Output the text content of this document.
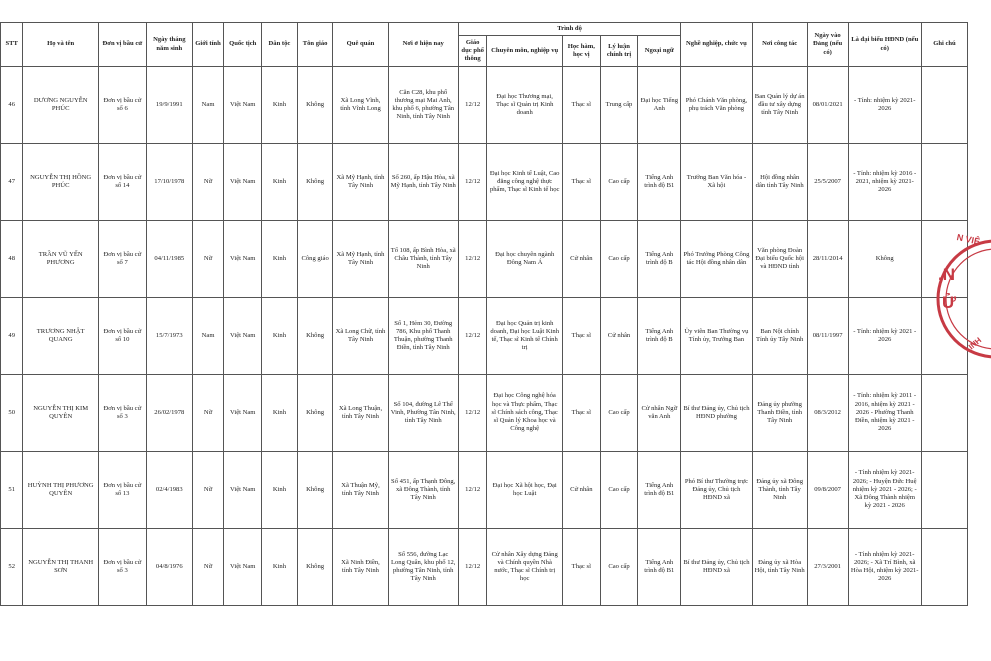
STT	Họ và tên	Đơn vị bầu cử	Ngày tháng năm sinh	Giới tính	Quốc tịch	Dân tộc	Tôn giáo	Quê quán	Nơi ở hiện nay	Trình độ					Nghề nghiệp, chức vụ	Nơi công tác	Ngày vào Đảng (nếu có)	Là đại biểu HĐND (nếu có)	Ghi chú
										Giáo dục phổ thông	Chuyên môn, nghiệp vụ	Học hàm, học vị	Lý luận chính trị	Ngoại ngữ					
46	DƯƠNG NGUYỄN PHÚC	Đơn vị bầu cử số 6	19/9/1991	Nam	Việt Nam	Kinh	Không	Xã Long Vĩnh, tỉnh Vĩnh Long	Căn C28, khu phố thương mại Mai Anh, khu phố 6, phường Tân Ninh, tỉnh Tây Ninh	12/12	Đại học Thương mại, Thạc sĩ Quản trị Kinh doanh	Thạc sĩ	Trung cấp	Đại học Tiếng Anh	Phó Chánh Văn phòng, phụ trách Văn phòng	Ban Quản lý dự án đầu tư xây dựng tỉnh Tây Ninh	08/01/2021	- Tỉnh: nhiệm kỳ 2021-2026	
47	NGUYỄN THỊ HỒNG PHÚC	Đơn vị bầu cử số 14	17/10/1978	Nữ	Việt Nam	Kinh	Không	Xã Mỹ Hạnh, tỉnh Tây Ninh	Số 260, ấp Hậu Hòa, xã Mỹ Hạnh, tỉnh Tây Ninh	12/12	Đại học Kinh tế Luật, Cao đẳng công nghệ thực phẩm, Thạc sĩ Kinh tế học	Thạc sĩ	Cao cấp	Tiếng Anh trình độ B1	Trưởng Ban Văn hóa - Xã hội	Hội đồng nhân dân tỉnh Tây Ninh	25/5/2007	- Tỉnh: nhiệm kỳ 2016 - 2021, nhiệm kỳ 2021-2026	
48	TRẦN VŨ YẾN PHƯƠNG	Đơn vị bầu cử số 7	04/11/1985	Nữ	Việt Nam	Kinh	Công giáo	Xã Mỹ Hạnh, tỉnh Tây Ninh	Tổ 108, ấp Bình Hòa, xã Châu Thành, tỉnh Tây Ninh	12/12	Đại học chuyên ngành Đông Nam Á	Cử nhân	Cao cấp	Tiếng Anh trình độ B	Phó Trưởng Phòng Công tác Hội đồng nhân dân	Văn phòng Đoàn Đại biểu Quốc hội và HĐND tỉnh	28/11/2014	Không	
49	TRƯƠNG NHẬT QUANG	Đơn vị bầu cử số 10	15/7/1973	Nam	Việt Nam	Kinh	Không	Xã Long Chữ, tỉnh Tây Ninh	Số 1, Hẻm 30, Đường 786, Khu phố Thanh Thuận, phường Thanh Điền, tỉnh Tây Ninh	12/12	Đại học Quản trị kinh doanh, Đại học Luật Kinh tế, Thạc sĩ Kinh tế Chính trị	Thạc sĩ	Cử nhân	Tiếng Anh trình độ B	Ủy viên Ban Thường vụ Tỉnh ủy, Trưởng Ban	Ban Nội chính Tỉnh ủy Tây Ninh	08/11/1997	- Tỉnh: nhiệm kỳ 2021 - 2026	
50	NGUYỄN THỊ KIM QUYÊN	Đơn vị bầu cử số 3	26/02/1978	Nữ	Việt Nam	Kinh	Không	Xã Long Thuận, tỉnh Tây Ninh	Số 104, đường Lê Thế Vinh, Phường Tân Ninh, tỉnh Tây Ninh	12/12	Đại học Công nghệ hóa học và Thực phẩm, Thạc sĩ Chính sách công, Thạc sĩ Quản lý Khoa học và Công nghệ	Thạc sĩ	Cao cấp	Cử nhân Ngữ văn Anh	Bí thư Đảng ủy, Chủ tịch HĐND phường	Đảng ủy phường Thanh Điền, tỉnh Tây Ninh	08/3/2012	- Tỉnh: nhiệm kỳ 2011 - 2016, nhiệm kỳ 2021 - 2026 - Phường Thanh Điền, nhiệm kỳ 2021 - 2026	
51	HUỲNH THỊ PHƯƠNG QUYÊN	Đơn vị bầu cử số 13	02/4/1983	Nữ	Việt Nam	Kinh	Không	Xã Thuận Mỹ, tỉnh Tây Ninh	Số 451, ấp Thạnh Đông, xã Đông Thành, tỉnh Tây Ninh	12/12	Đại học Xã hội học, Đại học Luật	Cử nhân	Cao cấp	Tiếng Anh trình độ B1	Phó Bí thư Thường trực Đảng ủy, Chủ tịch HĐND xã	Đảng ủy xã Đông Thành, tỉnh Tây Ninh	09/8/2007	- Tỉnh nhiệm kỳ 2021-2026; - Huyện Đức Huệ nhiệm kỳ 2021 - 2026; - Xã Đông Thành nhiệm kỳ 2021 - 2026	
52	NGUYỄN THỊ THANH SƠN	Đơn vị bầu cử số 3	04/8/1976	Nữ	Việt Nam	Kinh	Không	Xã Ninh Điền, tỉnh Tây Ninh	Số 556, đường Lạc Long Quân, khu phố 12, phường Tân Ninh, tỉnh Tây Ninh	12/12	Cử nhân Xây dựng Đảng và Chính quyền Nhà nước, Thạc sĩ Chính trị học	Thạc sĩ	Cao cấp	Tiếng Anh trình độ B1	Bí thư Đảng ủy, Chủ tịch HĐND xã	Đảng ủy xã Hòa Hội, tỉnh Tây Ninh	27/3/2001	- Tỉnh nhiệm kỳ 2021-2026; - Xã Trí Bình, xã Hòa Hội, nhiệm kỳ 2021-2026	
N VIỆ
.N
Ử
INH
